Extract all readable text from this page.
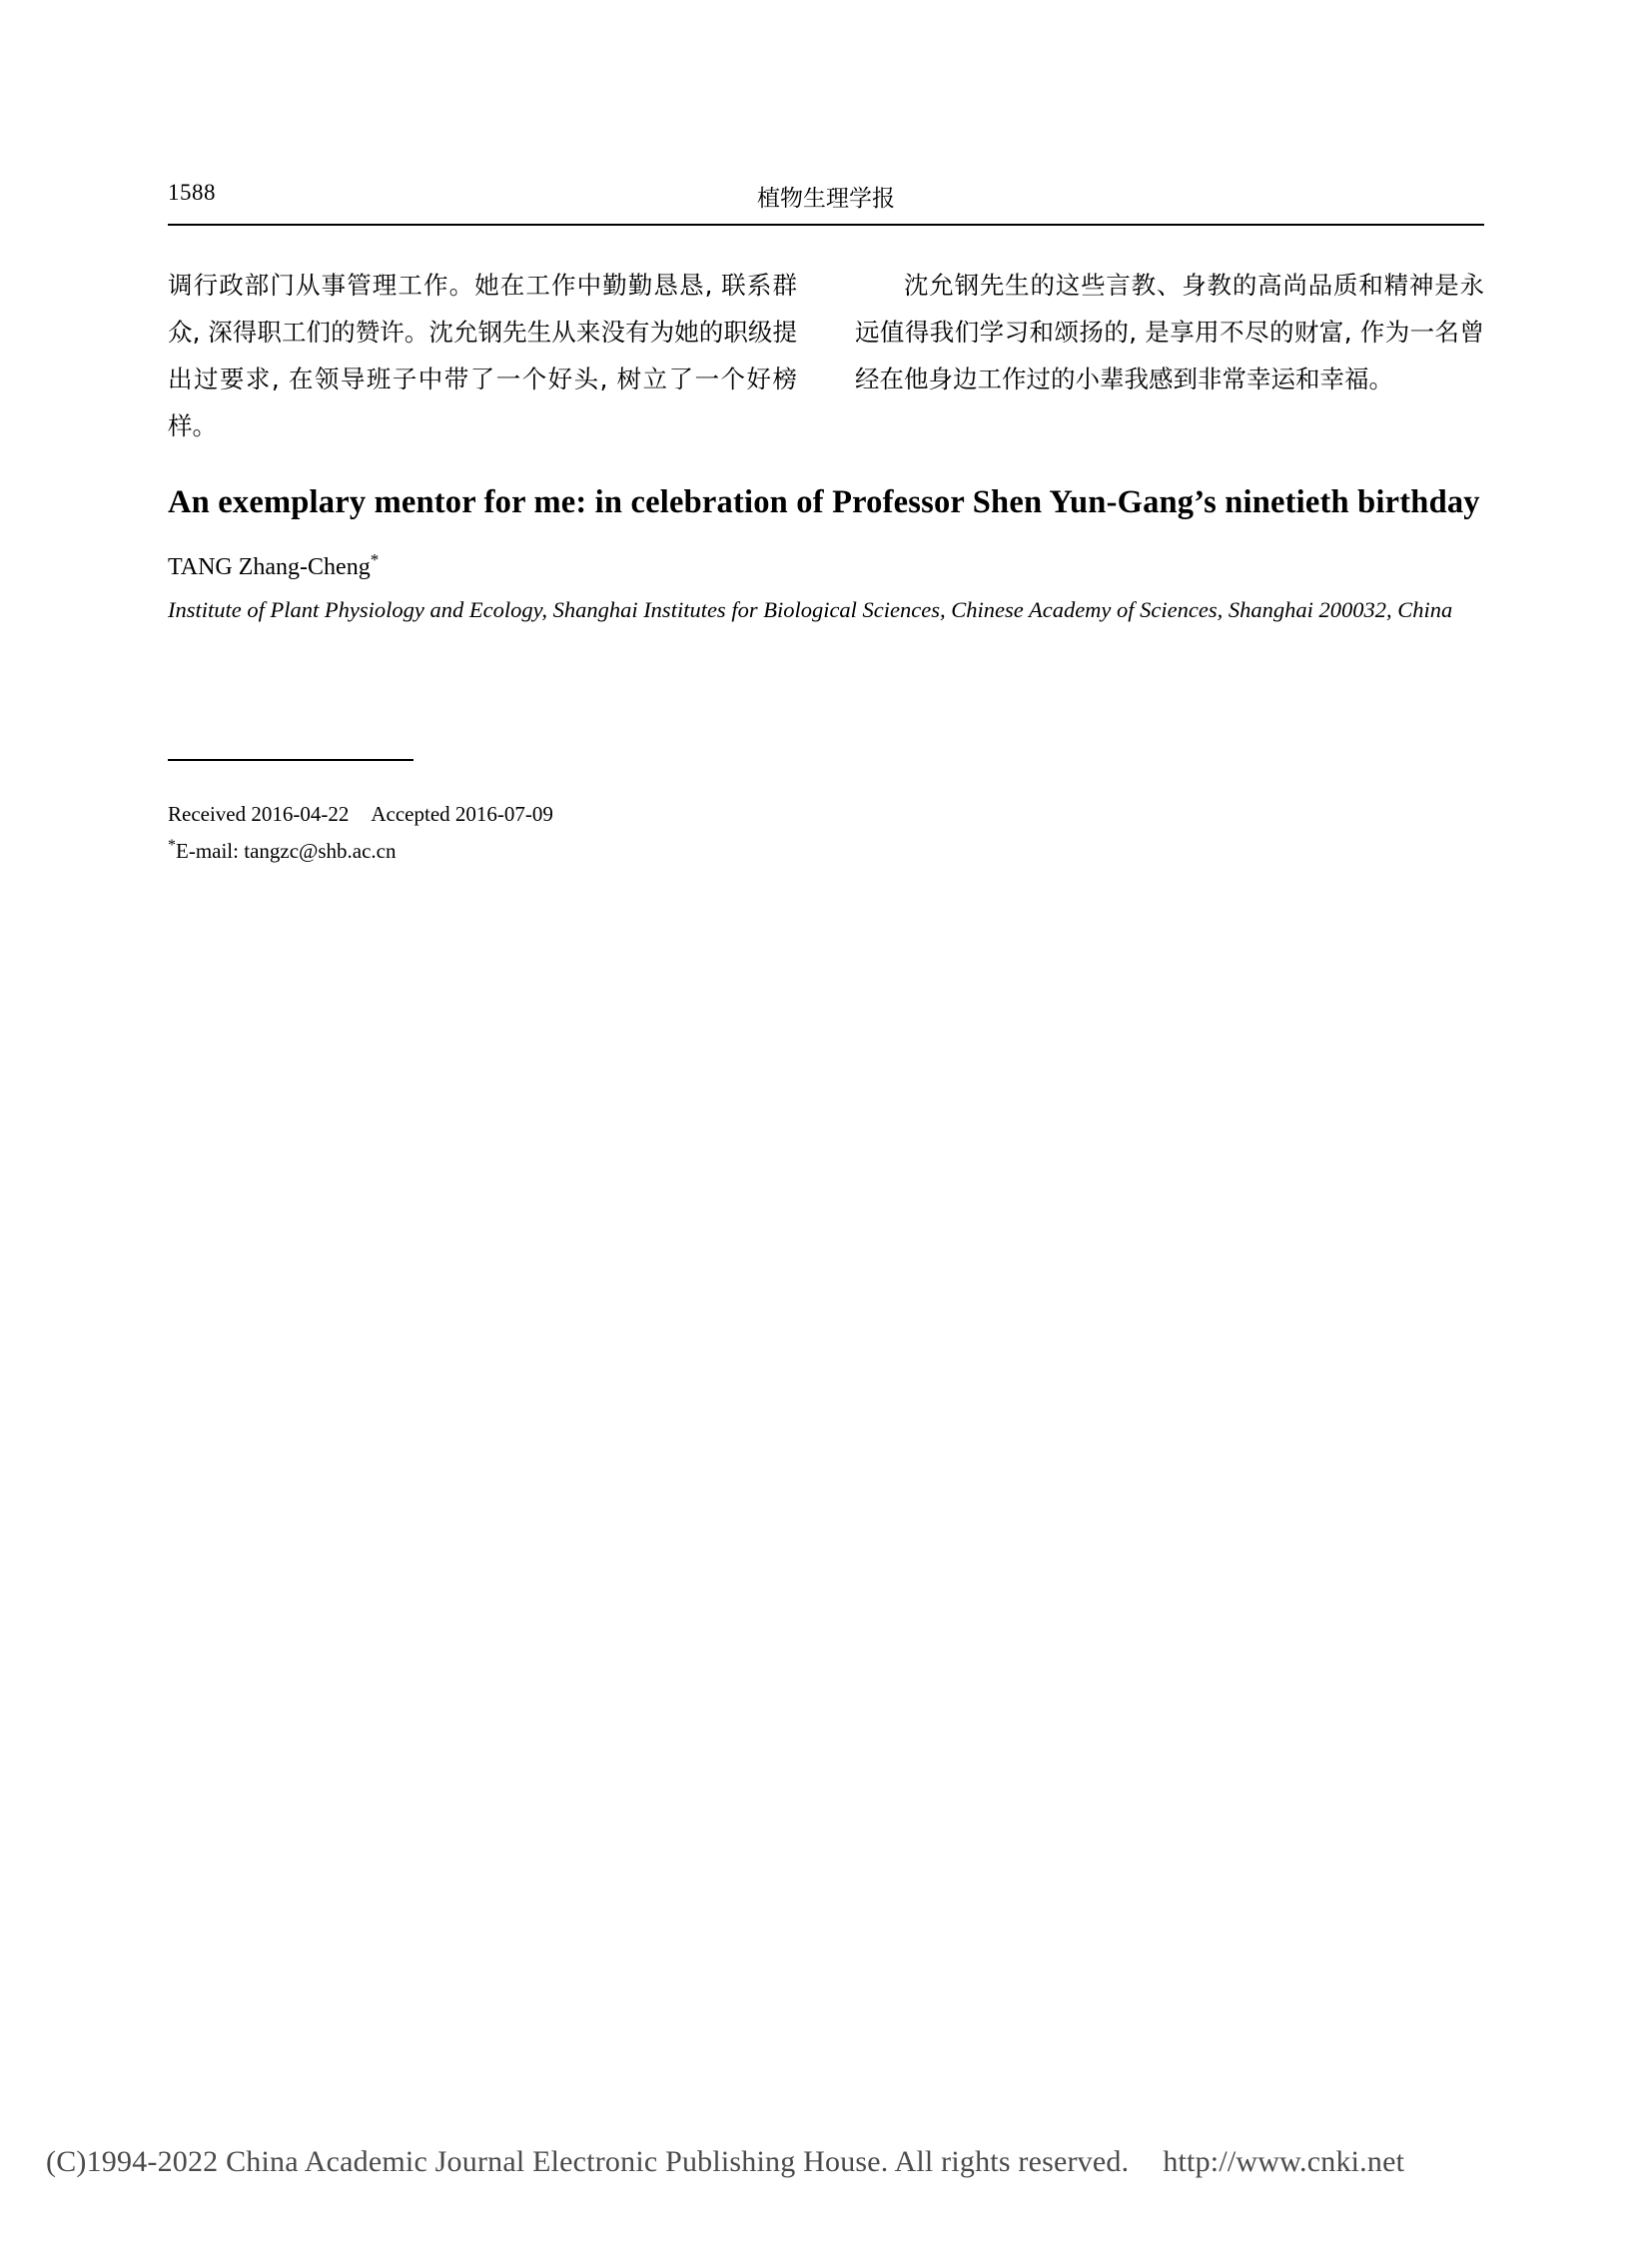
1588	植物生理学报

调行政部门从事管理工作。她在工作中勤勤恳恳, 联系群众, 深得职工们的赞许。沈允钢先生从来没有为她的职级提出过要求, 在领导班子中带了一个好头, 树立了一个好榜样。

沈允钢先生的这些言教、身教的高尚品质和精神是永远值得我们学习和颂扬的, 是享用不尽的财富, 作为一名曾经在他身边工作过的小辈我感到非常幸运和幸福。

An exemplary mentor for me: in celebration of Professor Shen Yun-Gang’s ninetieth birthday

TANG Zhang-Cheng*

Institute of Plant Physiology and Ecology, Shanghai Institutes for Biological Sciences, Chinese Academy of Sciences, Shanghai 200032, China

Received 2016-04-22 Accepted 2016-07-09
*E-mail: tangzc@shb.ac.cn
(C)1994-2022 China Academic Journal Electronic Publishing House. All rights reserved. http://www.cnki.net
